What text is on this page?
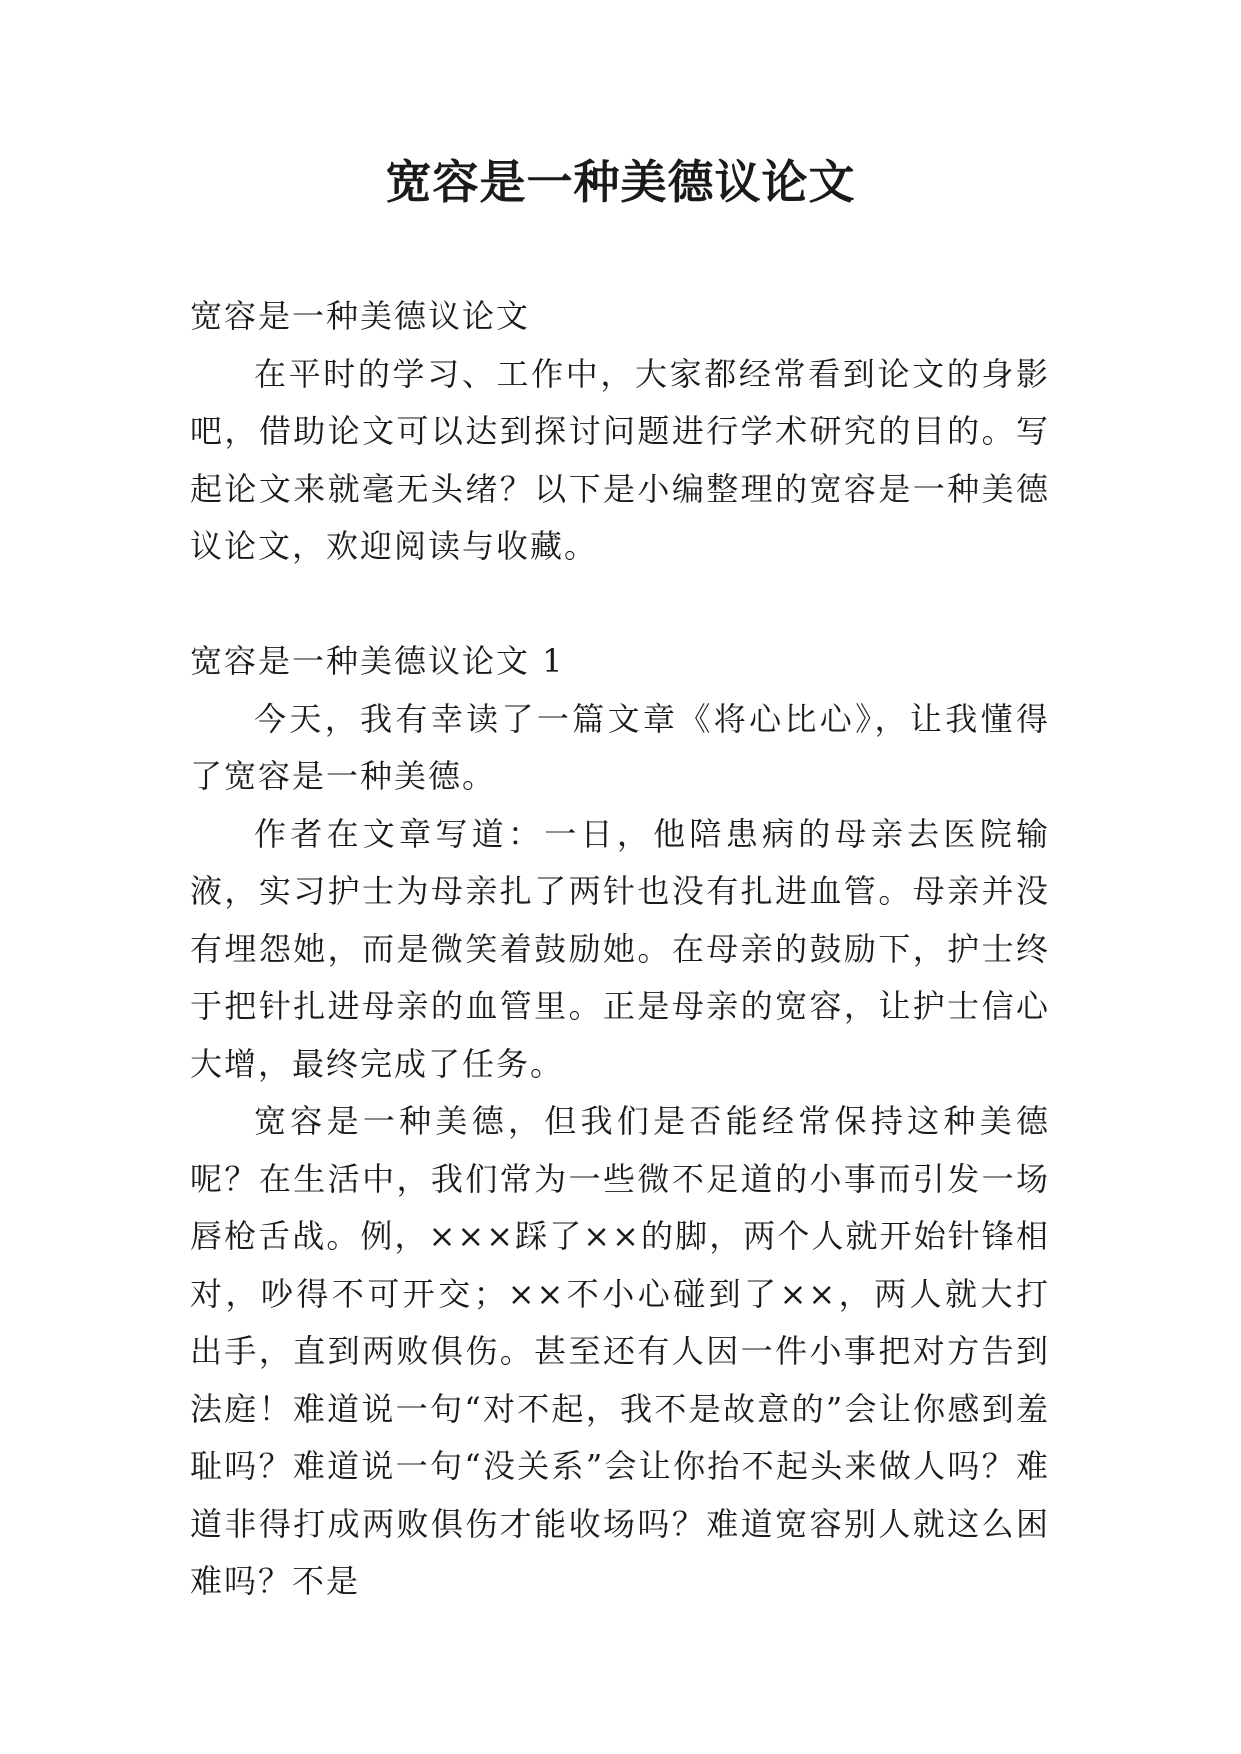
宽容是一种美德议论文

宽容是一种美德议论文

在平时的学习、工作中，大家都经常看到论文的身影吧，借助论文可以达到探讨问题进行学术研究的目的。写起论文来就毫无头绪？以下是小编整理的宽容是一种美德议论文，欢迎阅读与收藏。

宽容是一种美德议论文 1

今天，我有幸读了一篇文章《将心比心》，让我懂得了宽容是一种美德。

作者在文章写道：一日，他陪患病的母亲去医院输液，实习护士为母亲扎了两针也没有扎进血管。母亲并没有埋怨她，而是微笑着鼓励她。在母亲的鼓励下，护士终于把针扎进母亲的血管里。正是母亲的宽容，让护士信心大增，最终完成了任务。

宽容是一种美德，但我们是否能经常保持这种美德呢？在生活中，我们常为一些微不足道的小事而引发一场唇枪舌战。例，×××踩了××的脚，两个人就开始针锋相对，吵得不可开交；××不小心碰到了××，两人就大打出手，直到两败俱伤。甚至还有人因一件小事把对方告到法庭！难道说一句“对不起，我不是故意的”会让你感到羞耻吗？难道说一句“没关系”会让你抬不起头来做人吗？难道非得打成两败俱伤才能收场吗？难道宽容别人就这么困难吗？不是
